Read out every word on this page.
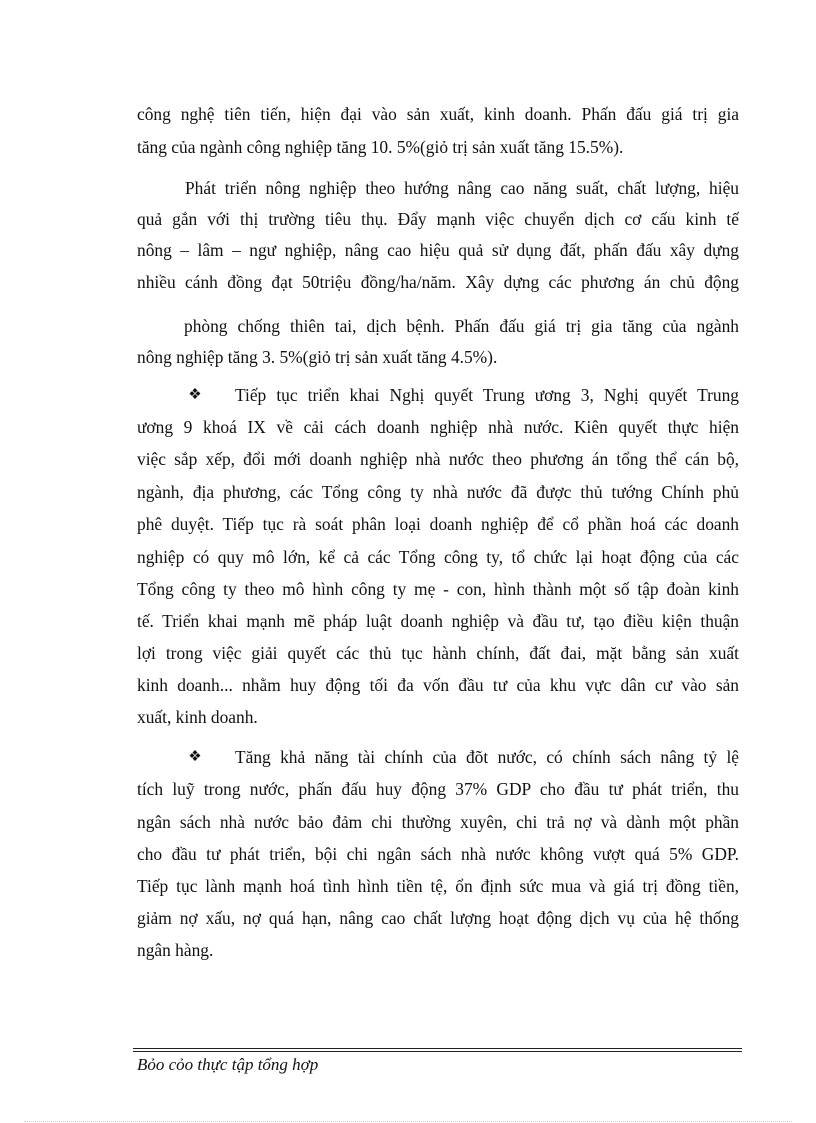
công nghệ tiên tiến, hiện đại vào sản xuất, kinh doanh. Phấn đấu giá trị gia
tăng của ngành công nghiệp tăng 10. 5%(giỏ trị sản xuất tăng 15.5%).
Phát triển nông nghiệp theo hướng nâng cao năng suất, chất lượng, hiệu
quả gắn với thị trường tiêu thụ. Đẩy mạnh việc chuyển dịch cơ cấu kinh tế
nông – lâm – ngư nghiệp, nâng cao hiệu quả sử dụng đất, phấn đấu xây dựng
nhiều cánh đồng đạt 50triệu đồng/ha/năm. Xây dựng các phương án chủ động
phòng chống thiên tai, dịch bệnh. Phấn đấu giá trị gia tăng của ngành
nông nghiệp tăng 3. 5%(giỏ trị sản xuất tăng 4.5%).
❖ Tiếp tục triển khai Nghị quyết Trung ương 3, Nghị quyết Trung
ương 9 khoá IX về cải cách doanh nghiệp nhà nước. Kiên quyết thực hiện
việc sắp xếp, đổi mới doanh nghiệp nhà nước theo phương án tổng thể cán bộ,
ngành, địa phương, các Tổng công ty nhà nước đã được thủ tướng Chính phủ
phê duyệt. Tiếp tục rà soát phân loại doanh nghiệp để cổ phần hoá các doanh
nghiệp có quy mô lớn, kể cả các Tổng công ty, tổ chức lại hoạt động của các
Tổng công ty theo mô hình công ty mẹ - con, hình thành một số tập đoàn kinh
tế. Triển khai mạnh mẽ pháp luật doanh nghiệp và đầu tư, tạo điều kiện thuận
lợi trong việc giải quyết các thủ tục hành chính, đất đai, mặt bằng sản xuất
kinh doanh... nhằm huy động tối đa vốn đầu tư của khu vực dân cư vào sản
xuất, kinh doanh.
❖ Tăng khả năng tài chính của đõt nước, có chính sách nâng tỷ lệ
tích luỹ trong nước, phấn đấu huy động 37% GDP cho đầu tư phát triển, thu
ngân sách nhà nước bảo đảm chi thường xuyên, chi trả nợ và dành một phần
cho đầu tư phát triển, bội chi ngân sách nhà nước không vượt quá 5% GDP.
Tiếp tục lành mạnh hoá tình hình tiền tệ, ổn định sức mua và giá trị đồng tiền,
giảm nợ xấu, nợ quá hạn, nâng cao chất lượng hoạt động dịch vụ của hệ thống
ngân hàng.
Bỏo cỏo thực tập tổng hợp
